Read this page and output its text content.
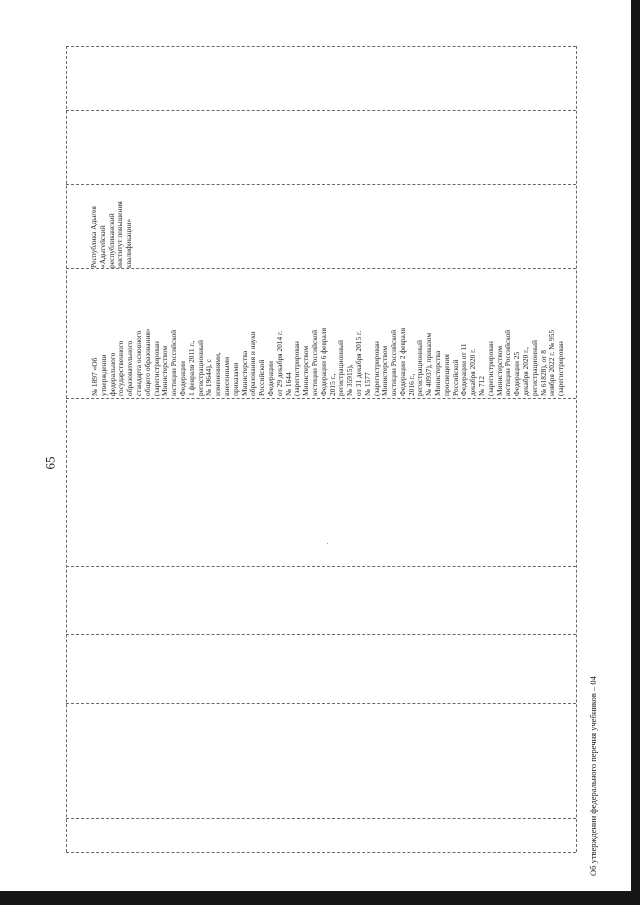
№ 1897 «Об
утверждении
федерального
государственного
образовательного
стандарта основного
общего образования»
(зарегистрирован
Министерством
юстиции Российской
Федерации
1 февраля 2011 г.,
регистрационный
№ 19644), с
изменениями,
внесенными
приказами
Министерства
образования и науки
Российской
Федерации
от 29 декабря 2014 г.
№ 1644
(зарегистрирован
Министерством
юстиции Российской
Федерации 6 февраля
2015 г.,
регистрационный
№ 35915),
от 31 декабря 2015 г.
№ 1577
(зарегистрирован
Министерством
юстиции Российской
Федерации 2 февраля
2016 г.,
регистрационный
№ 40937), приказом
Министерства
просвещения
Российской
Федерации от 11
декабря 2020 г.
№ 712
(зарегистрирован
Министерством
юстиции Российской
Федерации 25
декабря 2020 г.,
регистрационный
№ 61828), от 8
ноября 2022 г. № 955
(зарегистрирован
Республика Адыгея
«Адыгейский
республиканский
институт повышения
квалификации»
65
Об утверждении федерального перечня учебников – 04
